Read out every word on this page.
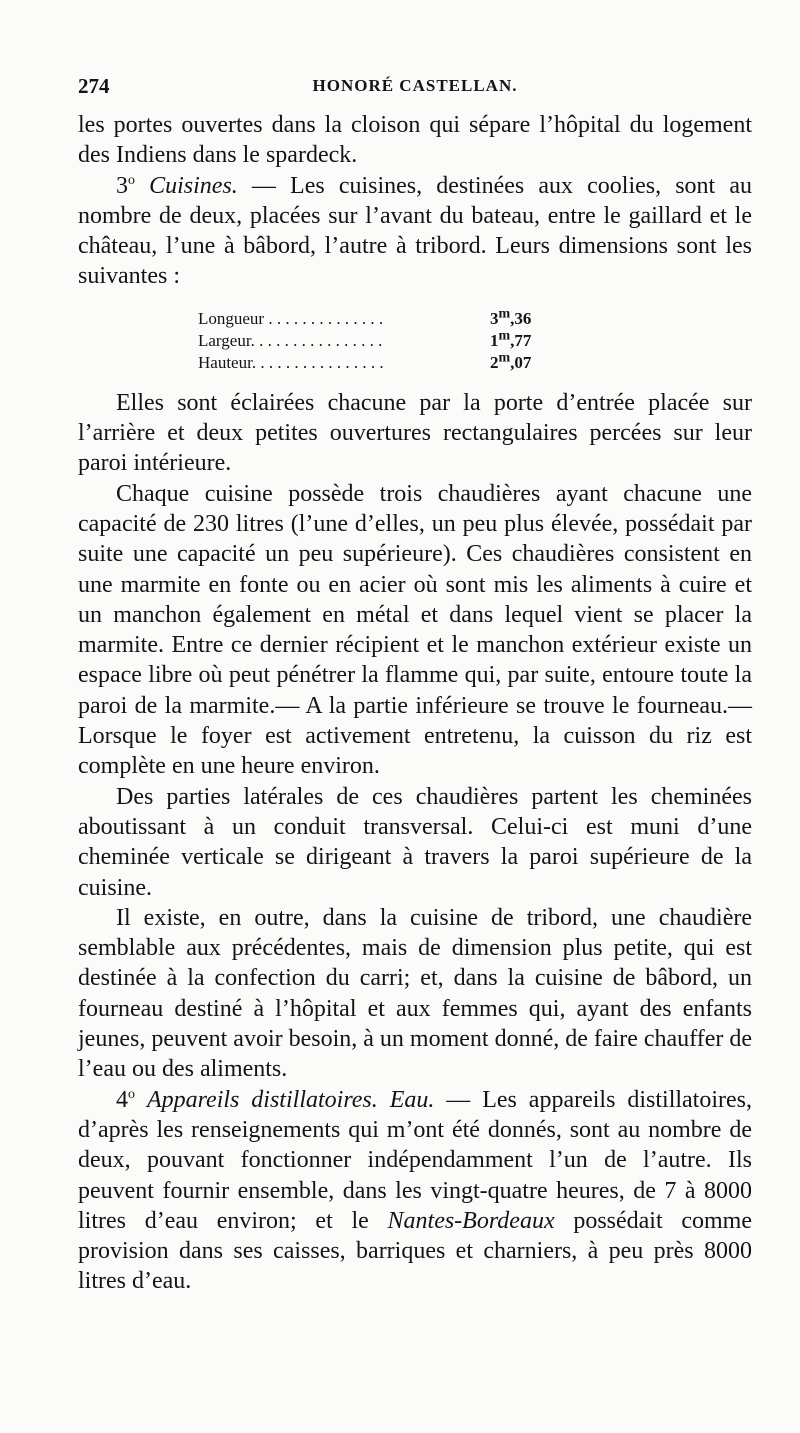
274	HONORÉ CASTELLAN.

les portes ouvertes dans la cloison qui sépare l’hôpital du logement des Indiens dans le spardeck.

3$^o$ Cuisines. — Les cuisines, destinées aux coolies, sont au nombre de deux, placées sur l’avant du bateau, entre le gaillard et le château, l’une à bâbord, l’autre à tribord. Leurs dimensions sont les suivantes :

Longueur . . . . . . . . . . . . . .	3$^m$,36
Largeur. . . . . . . . . . . . . . . .	1$^m$,77
Hauteur. . . . . . . . . . . . . . . .	2$^m$,07

Elles sont éclairées chacune par la porte d’entrée placée sur l’arrière et deux petites ouvertures rectangulaires percées sur leur paroi intérieure.

Chaque cuisine possède trois chaudières ayant chacune une capacité de 230 litres (l’une d’elles, un peu plus élevée, possédait par suite une capacité un peu supérieure). Ces chaudières consistent en une marmite en fonte ou en acier où sont mis les aliments à cuire et un manchon également en métal et dans lequel vient se placer la marmite. Entre ce dernier récipient et le manchon extérieur existe un espace libre où peut pénétrer la flamme qui, par suite, entoure toute la paroi de la marmite.— A la partie inférieure se trouve le fourneau.— Lorsque le foyer est activement entretenu, la cuisson du riz est complète en une heure environ.

Des parties latérales de ces chaudières partent les cheminées aboutissant à un conduit transversal. Celui-ci est muni d’une cheminée verticale se dirigeant à travers la paroi supérieure de la cuisine.

Il existe, en outre, dans la cuisine de tribord, une chaudière semblable aux précédentes, mais de dimension plus petite, qui est destinée à la confection du carri; et, dans la cuisine de bâbord, un fourneau destiné à l’hôpital et aux femmes qui, ayant des enfants jeunes, peuvent avoir besoin, à un moment donné, de faire chauffer de l’eau ou des aliments.

4$^o$ Appareils distillatoires. Eau. — Les appareils distillatoires, d’après les renseignements qui m’ont été donnés, sont au nombre de deux, pouvant fonctionner indépendamment l’un de l’autre. Ils peuvent fournir ensemble, dans les vingt-quatre heures, de 7 à 8000 litres d’eau environ; et le Nantes-Bordeaux possédait comme provision dans ses caisses, barriques et charniers, à peu près 8000 litres d’eau.
